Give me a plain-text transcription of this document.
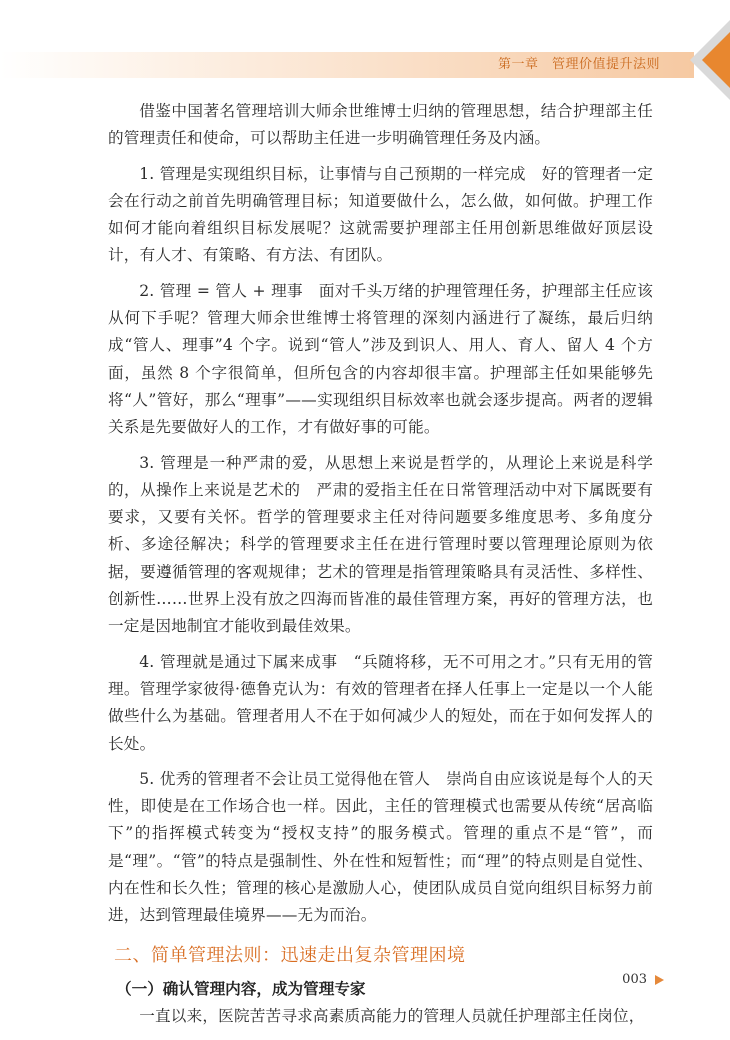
第一章　管理价值提升法则

借鉴中国著名管理培训大师余世维博士归纳的管理思想，结合护理部主任的管理责任和使命，可以帮助主任进一步明确管理任务及内涵。

1. 管理是实现组织目标，让事情与自己预期的一样完成　好的管理者一定会在行动之前首先明确管理目标；知道要做什么，怎么做，如何做。护理工作如何才能向着组织目标发展呢？这就需要护理部主任用创新思维做好顶层设计，有人才、有策略、有方法、有团队。

2. 管理 = 管人 + 理事　面对千头万绪的护理管理任务，护理部主任应该从何下手呢？管理大师余世维博士将管理的深刻内涵进行了凝练，最后归纳成“管人、理事”4 个字。说到“管人”涉及到识人、用人、育人、留人 4 个方面，虽然 8 个字很简单，但所包含的内容却很丰富。护理部主任如果能够先将“人”管好，那么“理事”——实现组织目标效率也就会逐步提高。两者的逻辑关系是先要做好人的工作，才有做好事的可能。

3. 管理是一种严肃的爱，从思想上来说是哲学的，从理论上来说是科学的，从操作上来说是艺术的　严肃的爱指主任在日常管理活动中对下属既要有要求，又要有关怀。哲学的管理要求主任对待问题要多维度思考、多角度分析、多途径解决；科学的管理要求主任在进行管理时要以管理理论原则为依据，要遵循管理的客观规律；艺术的管理是指管理策略具有灵活性、多样性、创新性……世界上没有放之四海而皆准的最佳管理方案，再好的管理方法，也一定是因地制宜才能收到最佳效果。

4. 管理就是通过下属来成事　“兵随将移，无不可用之才。”只有无用的管理。管理学家彼得·德鲁克认为：有效的管理者在择人任事上一定是以一个人能做些什么为基础。管理者用人不在于如何减少人的短处，而在于如何发挥人的长处。

5. 优秀的管理者不会让员工觉得他在管人　崇尚自由应该说是每个人的天性，即使是在工作场合也一样。因此，主任的管理模式也需要从传统“居高临下”的指挥模式转变为“授权支持”的服务模式。管理的重点不是“管”，而是“理”。“管”的特点是强制性、外在性和短暂性；而“理”的特点则是自觉性、内在性和长久性；管理的核心是激励人心，使团队成员自觉向组织目标努力前进，达到管理最佳境界——无为而治。

二、简单管理法则：迅速走出复杂管理困境
（一）确认管理内容，成为管理专家

一直以来，医院苦苦寻求高素质高能力的管理人员就任护理部主任岗位，

003
